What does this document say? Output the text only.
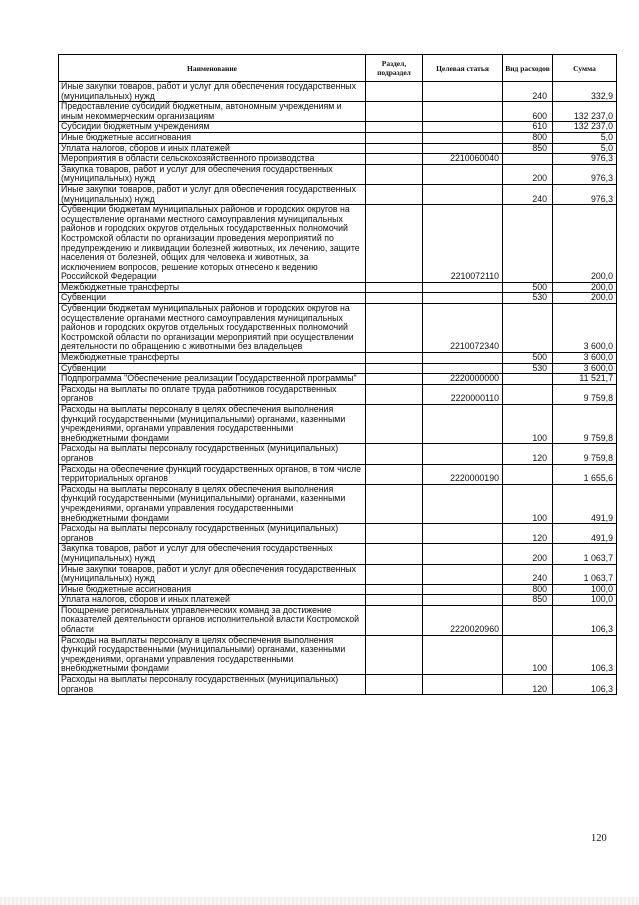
Наименование	Раздел, подраздел	Целевая статья	Вид расходов	Сумма
Иные закупки товаров, работ и услуг для обеспечения государственных (муниципальных) нужд			240	332,9
Предоставление субсидий бюджетным, автономным учреждениям и иным некоммерческим организациям			600	132 237,0
Субсидии бюджетным учреждениям			610	132 237,0
Иные бюджетные ассигнования			800	5,0
Уплата налогов, сборов и иных платежей			850	5,0
Мероприятия в области сельскохозяйственного производства		2210060040		976,3
Закупка товаров, работ и услуг для обеспечения государственных (муниципальных) нужд			200	976,3
Иные закупки товаров, работ и услуг для обеспечения государственных (муниципальных) нужд			240	976,3
Субвенции бюджетам муниципальных районов и городских округов на осуществление органами местного самоуправления муниципальных районов и городских округов отдельных государственных полномочий Костромской области по организации проведения мероприятий по предупреждению и ликвидации болезней животных, их лечению, защите населения от болезней, общих для человека и животных, за исключением вопросов, решение которых отнесено к ведению Российской Федерации		2210072110		200,0
Межбюджетные трансферты			500	200,0
Субвенции			530	200,0
Субвенции бюджетам муниципальных районов и городских округов на осуществление органами местного самоуправления муниципальных районов и городских округов отдельных государственных полномочий Костромской области по организации мероприятий при осуществлении деятельности по обращению с животными без владельцев		2210072340		3 600,0
Межбюджетные трансферты			500	3 600,0
Субвенции			530	3 600,0
Подпрограмма "Обеспечение реализации Государственной программы"		2220000000		11 521,7
Расходы на выплаты по оплате труда работников государственных органов		2220000110		9 759,8
Расходы на выплаты персоналу в целях обеспечения выполнения функций государственными (муниципальными) органами, казенными учреждениями, органами управления государственными внебюджетными фондами			100	9 759,8
Расходы на выплаты персоналу государственных (муниципальных) органов			120	9 759,8
Расходы на обеспечение функций государственных органов, в том числе территориальных органов		2220000190		1 655,6
Расходы на выплаты персоналу в целях обеспечения выполнения функций государственными (муниципальными) органами, казенными учреждениями, органами управления государственными внебюджетными фондами			100	491,9
Расходы на выплаты персоналу государственных (муниципальных) органов			120	491,9
Закупка товаров, работ и услуг для обеспечения государственных (муниципальных) нужд			200	1 063,7
Иные закупки товаров, работ и услуг для обеспечения государственных (муниципальных) нужд			240	1 063,7
Иные бюджетные ассигнования			800	100,0
Уплата налогов, сборов и иных платежей			850	100,0
Поощрение региональных управленческих команд за достижение показателей деятельности органов исполнительной власти Костромской области		2220020960		106,3
Расходы на выплаты персоналу в целях обеспечения выполнения функций государственными (муниципальными) органами, казенными учреждениями, органами управления государственными внебюджетными фондами			100	106,3
Расходы на выплаты персоналу государственных (муниципальных) органов			120	106,3
120
